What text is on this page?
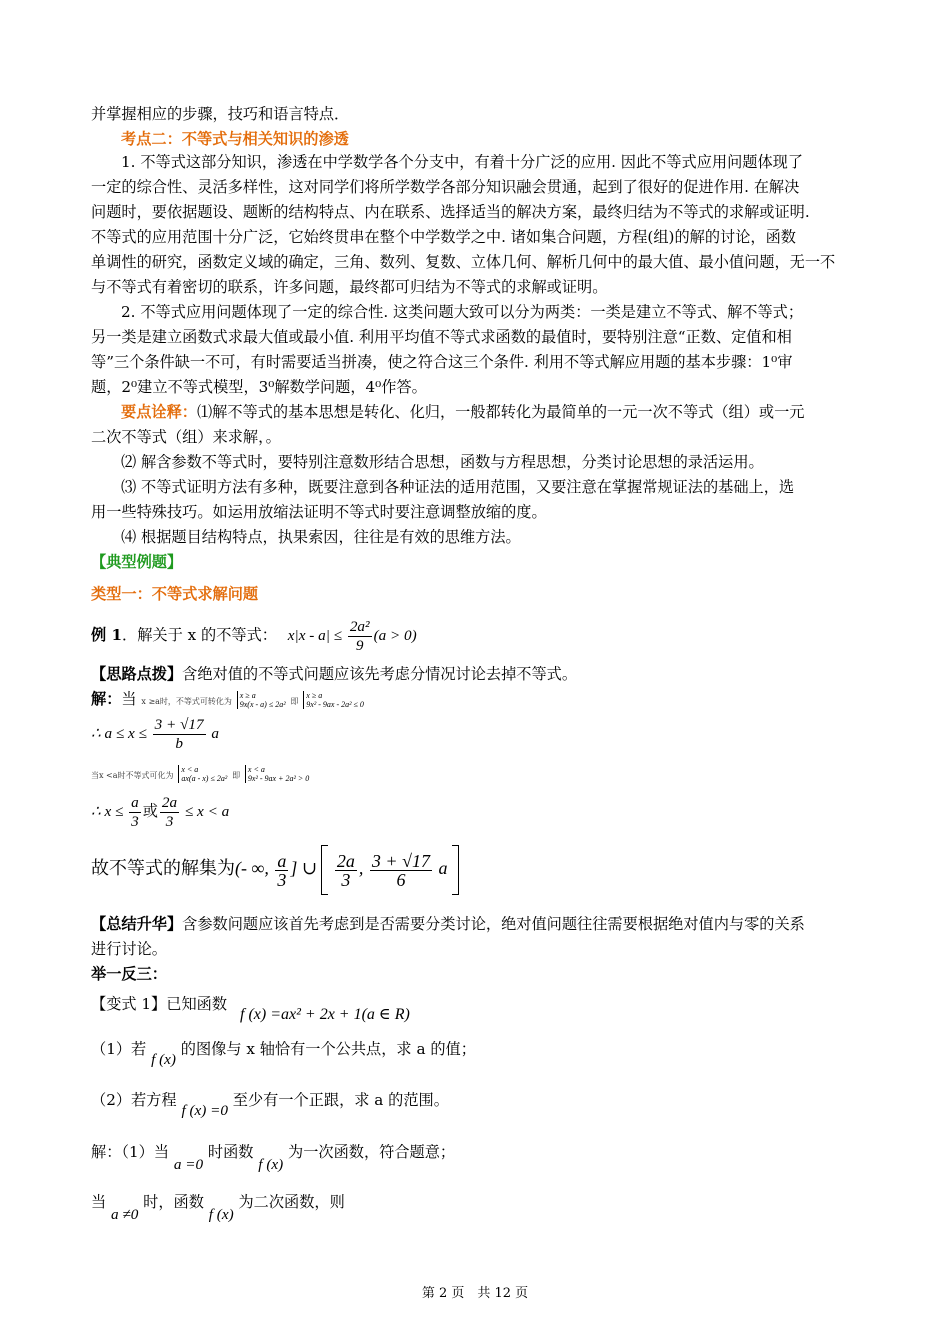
并掌握相应的步骤，技巧和语言特点．
考点二：不等式与相关知识的渗透
1. 不等式这部分知识，渗透在中学数学各个分支中，有着十分广泛的应用. 因此不等式应用问题体现了
一定的综合性、灵活多样性，这对同学们将所学数学各部分知识融会贯通，起到了很好的促进作用. 在解决
问题时，要依据题设、题断的结构特点、内在联系、选择适当的解决方案，最终归结为不等式的求解或证明.
不等式的应用范围十分广泛，它始终贯串在整个中学数学之中. 诸如集合问题，方程(组)的解的讨论，函数
单调性的研究，函数定义域的确定，三角、数列、复数、立体几何、解析几何中的最大值、最小值问题，无一不
与不等式有着密切的联系，许多问题，最终都可归结为不等式的求解或证明。
2. 不等式应用问题体现了一定的综合性. 这类问题大致可以分为两类：一类是建立不等式、解不等式；
另一类是建立函数式求最大值或最小值. 利用平均值不等式求函数的最值时，要特别注意“正数、定值和相
等”三个条件缺一不可，有时需要适当拼凑，使之符合这三个条件. 利用不等式解应用题的基本步骤：1⁰审
题，2⁰建立不等式模型，3⁰解数学问题，4⁰作答。
要点诠释：⑴解不等式的基本思想是转化、化归，一般都转化为最简单的一元一次不等式（组）或一元
二次不等式（组）来求解，。
⑵ 解含参数不等式时，要特别注意数形结合思想，函数与方程思想，分类讨论思想的录活运用。
⑶ 不等式证明方法有多种，既要注意到各种证法的适用范围，又要注意在掌握常规证法的基础上，选
用一些特殊技巧。如运用放缩法证明不等式时要注意调整放缩的度。
⑷ 根据题目结构特点，执果索因，往往是有效的思维方法。
【典型例题】
类型一：不等式求解问题
例 1．解关于 x 的不等式： $x|x - a| \le \frac{\text{2a²}}{9} (a > 0)$
【思路点拨】含绝对值的不等式问题应该先考虑分情况讨论去掉不等式。
解：当 x ≥a时，不等式可转化为 x ≥ a
9x(x - a) ≤ 2a² 即 x ≥ a
9x² - 9ax - 2a² ≤ 0
∴ $a \le x \le \frac{3 + √17}{b}$ a
当x <a时不等式可化为 x < a
ax(a - x) ≤ 2a² 即 x < a
9x² - 9ax + 2a² > 0
∴ $x \le \frac{a}{3}$ 或 $\frac{2a}{3} \le x < a$
故不等式的解集为(- ∞, $\frac{a}{3}$ ] ∪ $\frac{2a}{3}$ , $\frac{3 + √17}{6}$ a
【总结升华】含参数问题应该首先考虑到是否需要分类讨论，绝对值问题往往需要根据绝对值内与零的关系
进行讨论。
举一反三：
【变式 1】已知函数
f (x) =ax² + 2x + 1(a ∈ R)
（1）若 f (x) 的图像与 x 轴恰有一个公共点，求 a 的值；
（2）若方程 f (x) =0 至少有一个正跟，求 a 的范围。
解：（1）当 a =0 时函数 f (x) 为一次函数，符合题意；
当 a ≠0 时，函数 f (x) 为二次函数，则
第 2 页　共 12 页
